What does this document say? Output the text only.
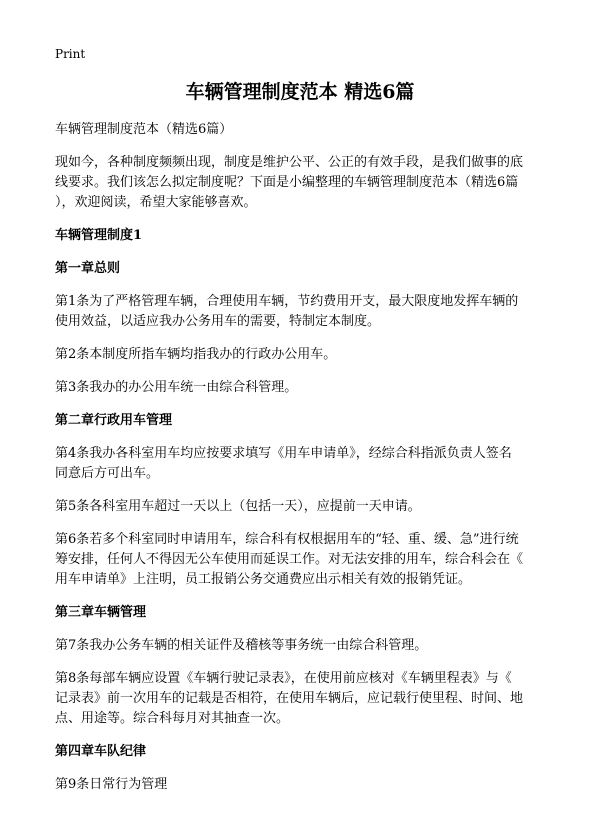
Print
车辆管理制度范本 精选6篇

车辆管理制度范本（精选6篇）

现如今，各种制度频频出现，制度是维护公平、公正的有效手段，是我们做事的底

线要求。我们该怎么拟定制度呢？下面是小编整理的车辆管理制度范本（精选6篇

），欢迎阅读，希望大家能够喜欢。

车辆管理制度1

第一章总则

第1条为了严格管理车辆，合理使用车辆，节约费用开支，最大限度地发挥车辆的

使用效益，以适应我办公务用车的需要，特制定本制度。

第2条本制度所指车辆均指我办的行政办公用车。

第3条我办的办公用车统一由综合科管理。

第二章行政用车管理

第4条我办各科室用车均应按要求填写《用车申请单》，经综合科指派负责人签名

同意后方可出车。

第5条各科室用车超过一天以上（包括一天），应提前一天申请。

第6条若多个科室同时申请用车，综合科有权根据用车的“轻、重、缓、急”进行统

筹安排，任何人不得因无公车使用而延误工作。对无法安排的用车，综合科会在《

用车申请单》上注明，员工报销公务交通费应出示相关有效的报销凭证。

第三章车辆管理

第7条我办公务车辆的相关证件及稽核等事务统一由综合科管理。

第8条每部车辆应设置《车辆行驶记录表》，在使用前应核对《车辆里程表》与《

记录表》前一次用车的记载是否相符，在使用车辆后，应记载行使里程、时间、地

点、用途等。综合科每月对其抽查一次。

第四章车队纪律

第9条日常行为管理
